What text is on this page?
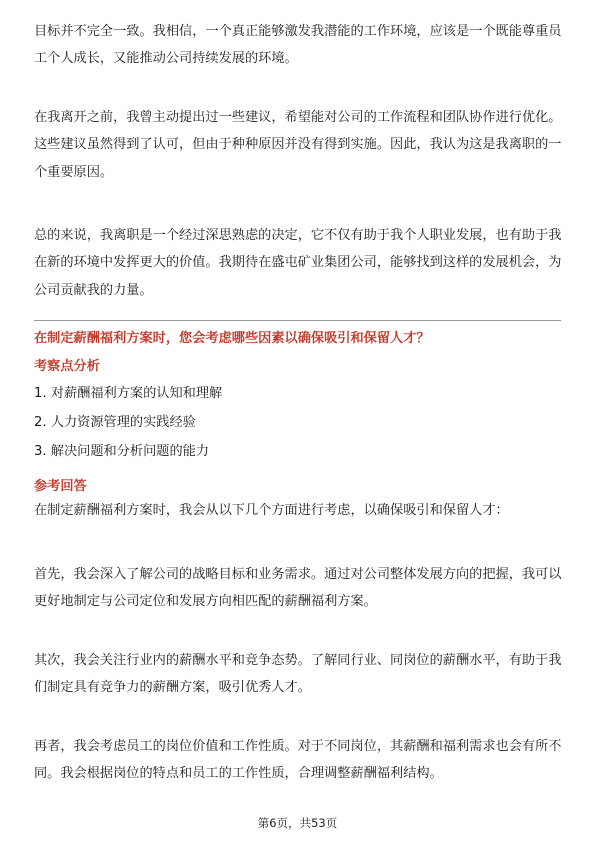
目标并不完全一致。我相信，一个真正能够激发我潜能的工作环境，应该是一个既能尊重员工个人成长，又能推动公司持续发展的环境。

在我离开之前，我曾主动提出过一些建议，希望能对公司的工作流程和团队协作进行优化。这些建议虽然得到了认可，但由于种种原因并没有得到实施。因此，我认为这是我离职的一个重要原因。

总的来说，我离职是一个经过深思熟虑的决定，它不仅有助于我个人职业发展，也有助于我在新的环境中发挥更大的价值。我期待在盛屯矿业集团公司，能够找到这样的发展机会，为公司贡献我的力量。

在制定薪酬福利方案时，您会考虑哪些因素以确保吸引和保留人才？

考察点分析

1. 对薪酬福利方案的认知和理解

2. 人力资源管理的实践经验

3. 解决问题和分析问题的能力

参考回答

在制定薪酬福利方案时，我会从以下几个方面进行考虑，以确保吸引和保留人才：

首先，我会深入了解公司的战略目标和业务需求。通过对公司整体发展方向的把握，我可以更好地制定与公司定位和发展方向相匹配的薪酬福利方案。

其次，我会关注行业内的薪酬水平和竞争态势。了解同行业、同岗位的薪酬水平，有助于我们制定具有竞争力的薪酬方案，吸引优秀人才。

再者，我会考虑员工的岗位价值和工作性质。对于不同岗位，其薪酬和福利需求也会有所不同。我会根据岗位的特点和员工的工作性质，合理调整薪酬福利结构。

第6页，共53页
